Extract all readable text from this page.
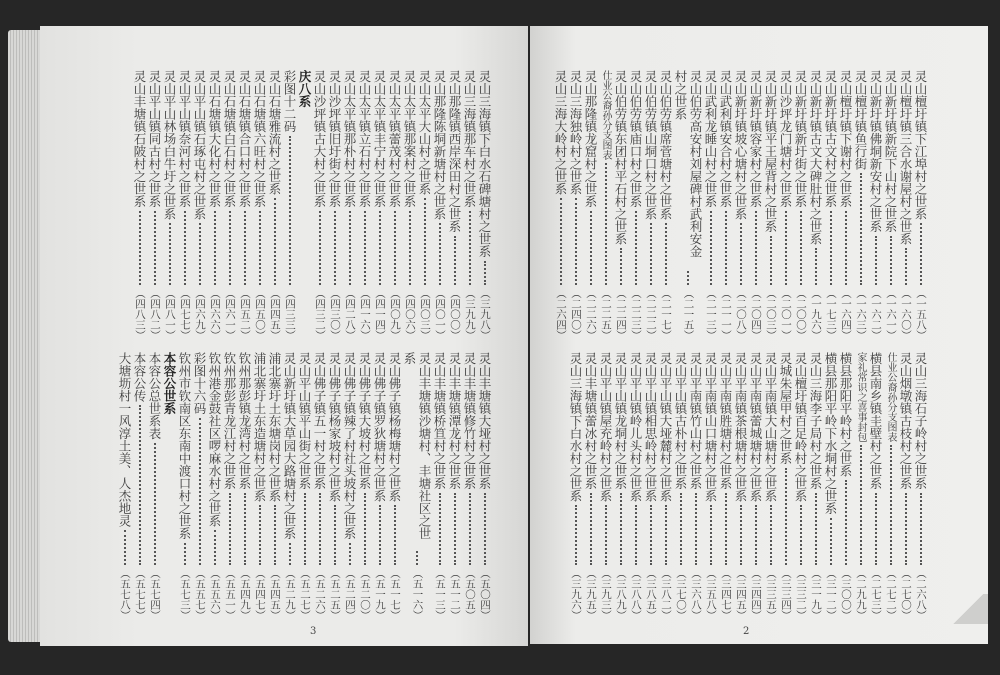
灵山三海镇下白水石碑塘村之世系
（三九八）
灵山三海镇那车村之世系
（三九九）
灵山那隆镇西岸深田村之世系
（四〇〇）
灵山那隆陈垌新塘村之世系
（四〇一）
灵山太平大山村之世系
（四〇三）
灵山太平镇那案村之世系
（四〇六）
灵山太平镇蕾茂村之世系
（四〇九）
灵山太平镇丰宁村之世系
（四一四）
灵山太平镇立石村之世系
（四一六）
灵山太平镇那朴村之世系
（四二八）
灵山沙坪镇旧圩街之世系
（四三〇）
灵山沙坪镇古大村之世系
（四三二）
庆八系
彩图十二码
（四三三）
灵山石塘雅流村之世系
（四四五）
灵山石塘镇六旺村之世系
（四五〇）
灵山石塘镇合口村之世系
（四五二）
灵山石塘镇白石村之世系
（四六一）
灵山石塘镇大化村之世系
（四六六）
灵山平山镇石琢屯村之世系
（四六九）
灵山平山镇奈河村之世系
（四七七）
灵山平山林场白牛圩之世系
（四八一）
灵山平山镇同古村之世系
（四八二）
灵山丰塘镇石陂村之世系
（四八三）
灵山丰塘镇大垭村之世系
（五〇四）
灵山丰塘镇修竹村之世系
（五〇五）
灵山丰塘镇潭龙村之世系
（五一二）
灵山丰塘镇桥笪村之世系
（五一三）
灵山丰塘镇沙塘村、丰塘社区之世系
（五一六）
灵山佛子镇杨梅塘村之世系
（五一七）
灵山佛子镇罗狄塘村之世系
（五一九）
灵山佛子镇大坡村之世系
（五二〇）
灵山佛子镇辣了村社头坡村之世系
（五二四）
灵山佛子镇杨家坡村之世系
（五二五）
灵山佛子镇五一村之世系
（五二六）
灵山平山镇平山街之世系
（五二七）
灵山新圩镇大草园大路塘村之世系
（五二九）
浦北寨圩土东塘岗村之世系
（五四五）
浦北寨圩土东造塘村之世系
（五四七）
钦州那彭镇龙湾村之世系
（五四九）
钦州那彭青龙江村之世系
（五五一）
钦州港金鼓社区啰麻水村之世系
（五五六）
彩图十六码
（五五七）
钦州市钦南区东南中渡口村之世系
（五七三）
本容公世系
本容公总世系表
（五七四）
本容公传
（五七七）
大塘坜村一风淳土美、人杰地灵
（五七八）
3
灵山檀圩镇下江埠村之世系
（一五八）
灵山檀圩镇三合水谢屋村之世系
（一六〇）
灵山新圩镇新院下山村之世系
（一六一）
灵山新圩镇佛垌新安村之世系
（一六二）
灵山檀圩镇鱼行街
（一六三）
灵山檀圩镇下谢村之世系
（一六四）
灵山新圩镇古文村之世系
（一七三）
灵山新圩镇古文大碑肚村之世系
（一九六）
灵山新圩镇新圩街之世系
（二〇〇）
灵山沙坪龙门塘村之世系
（二〇一）
灵山新圩镇平王屋背村之世系
（二〇三）
灵山新圩镇容家村之世系
（二〇四）
灵山新圩镇坡心塘村之世系
（二〇八）
灵山武利镇安合村之世系
（二一一）
灵山武利龙睡山村之世系
（二一三）
灵山伯劳高安村刘屋碑村武利安金村之世系
（二一五）
灵山伯劳镇席菅塘村之世系
（二一七）
灵山伯劳镇山垌口村之世系
（二二二）
灵山伯劳镇庙口村之世系
（二二三）
灵山伯劳镇东团村平石村之世系
（二二四）
仕业公裔孙分支图表
（二二五）
灵山那隆镇龙窟村之世系
（二二六）
灵山三海独岭村之世系
（二四〇）
灵山三海大岭村之世系
（二六四）
灵山三海石子岭村之世系
（二六八）
灵山烟墩镇古枝村之世系
（二七〇）
仕业公裔孙分支图表
（二七二）
横县南乡镇圭壁村之世系
（二七三）
家礼常识之喜事封包
（二九九）
横县那阳平岭村之世系
（三〇〇）
横县那阳平岭下水垌村之世系
（三一二）
灵山三海李子局村之世系
（三一九）
灵山檀圩镇百足岭村之世系
（三三二）
灵城朱屋甲村之世系
（三三四）
灵山平南镇大山塘村之世系
（三三五）
灵山平南镇蕾城塘村之世系
（三四四）
灵山平南镇茶根塘村之世系
（三四五）
灵山平南镇胜塘村之世系
（三四七）
灵山平南镇山口塘村之世系
（三五八）
灵山平南镇竹山村之世系
（三六八）
灵山平山镇古朴村之世系
（三七〇）
灵山平山镇大垭麓村之世系
（三八二）
灵山平山镇相思岭村之世系
（三八五）
灵山平山镇岭儿头村之世系
（三八八）
灵山平山镇龙垌村之世系
（三八九）
灵山平山镇屋充岭村之世系
（三九三）
灵山丰塘镇蕾冰村之世系
（三九五）
灵山三海镇下白水村之世系
（三九六）
2
